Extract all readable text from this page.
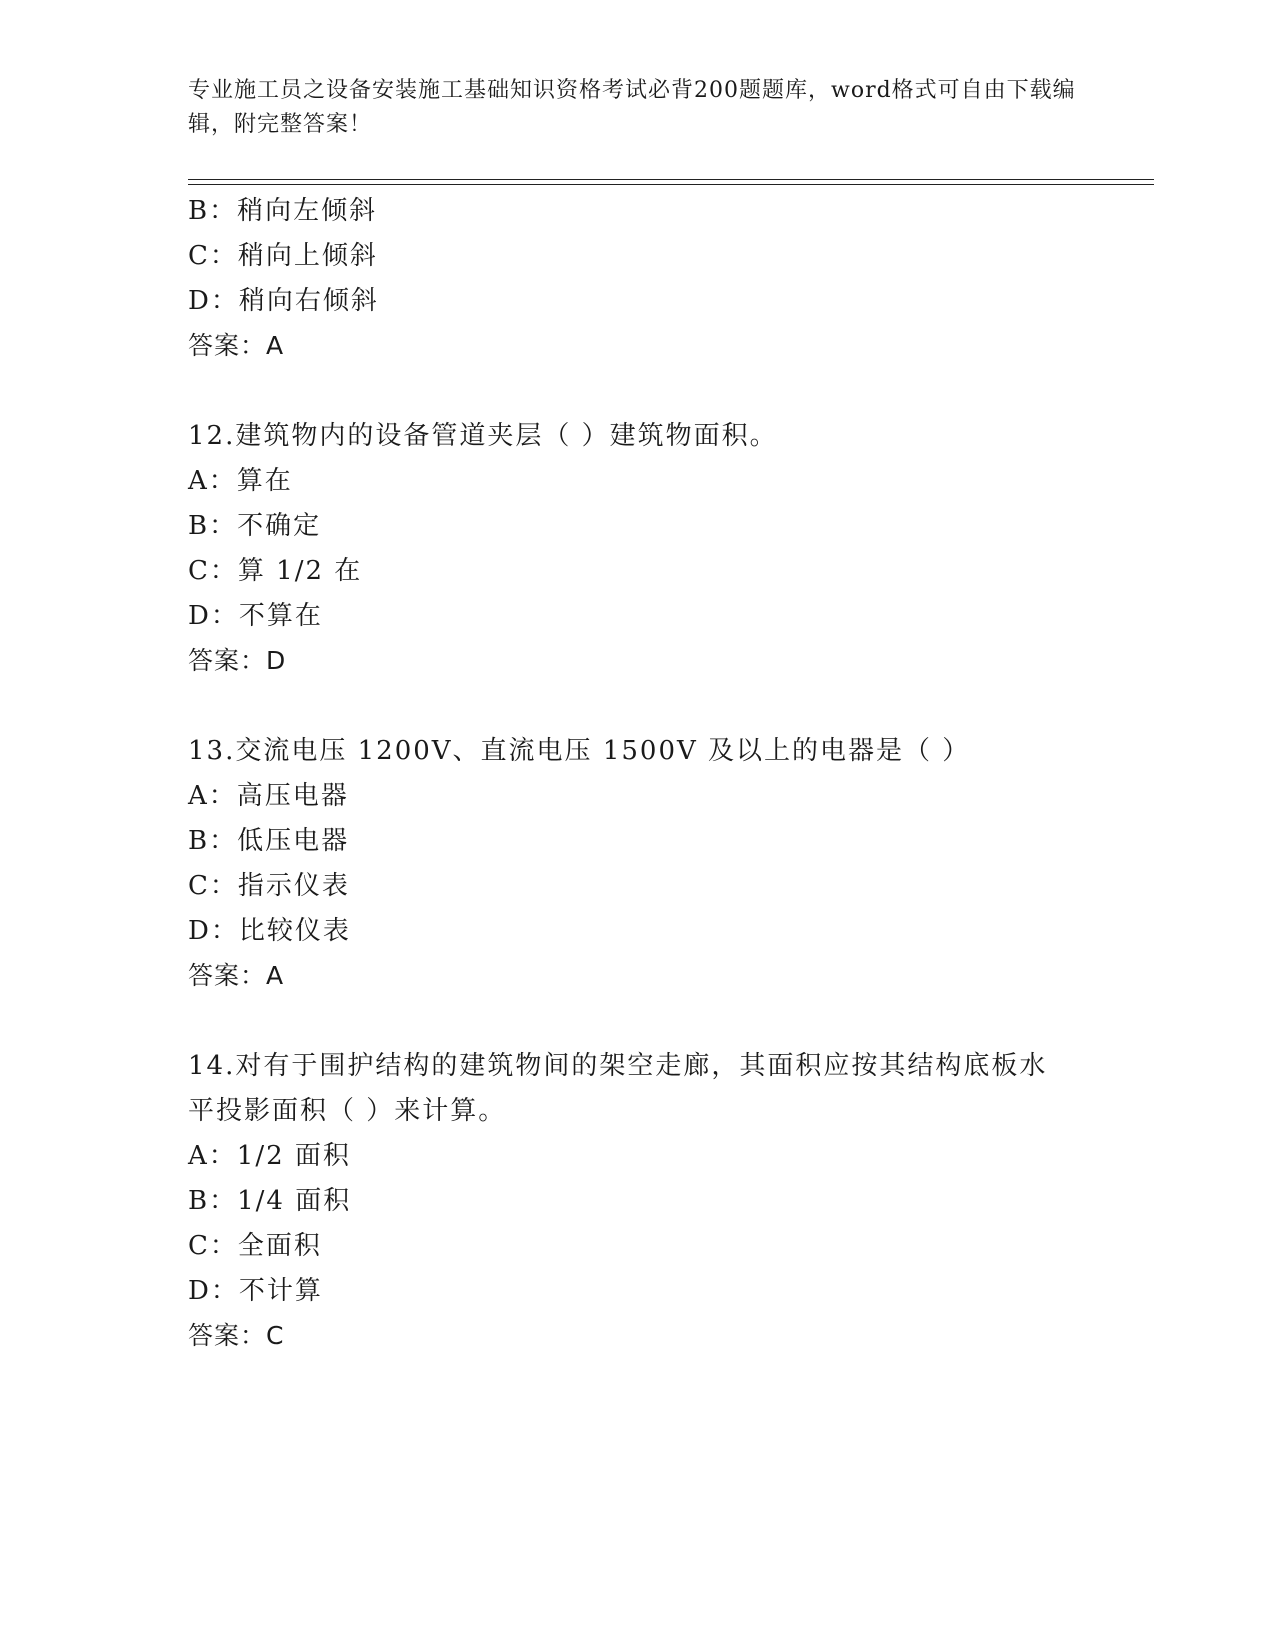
专业施工员之设备安装施工基础知识资格考试必背200题题库，word格式可自由下载编辑，附完整答案！
B：稍向左倾斜
C：稍向上倾斜
D：稍向右倾斜
答案：A
12.建筑物内的设备管道夹层（ ）建筑物面积。
A：算在
B：不确定
C：算 1/2 在
D：不算在
答案：D
13.交流电压 1200V、直流电压 1500V 及以上的电器是（ ）
A：高压电器
B：低压电器
C：指示仪表
D：比较仪表
答案：A
14.对有于围护结构的建筑物间的架空走廊，其面积应按其结构底板水
平投影面积（ ）来计算。
A：1/2 面积
B：1/4 面积
C：全面积
D：不计算
答案：C
